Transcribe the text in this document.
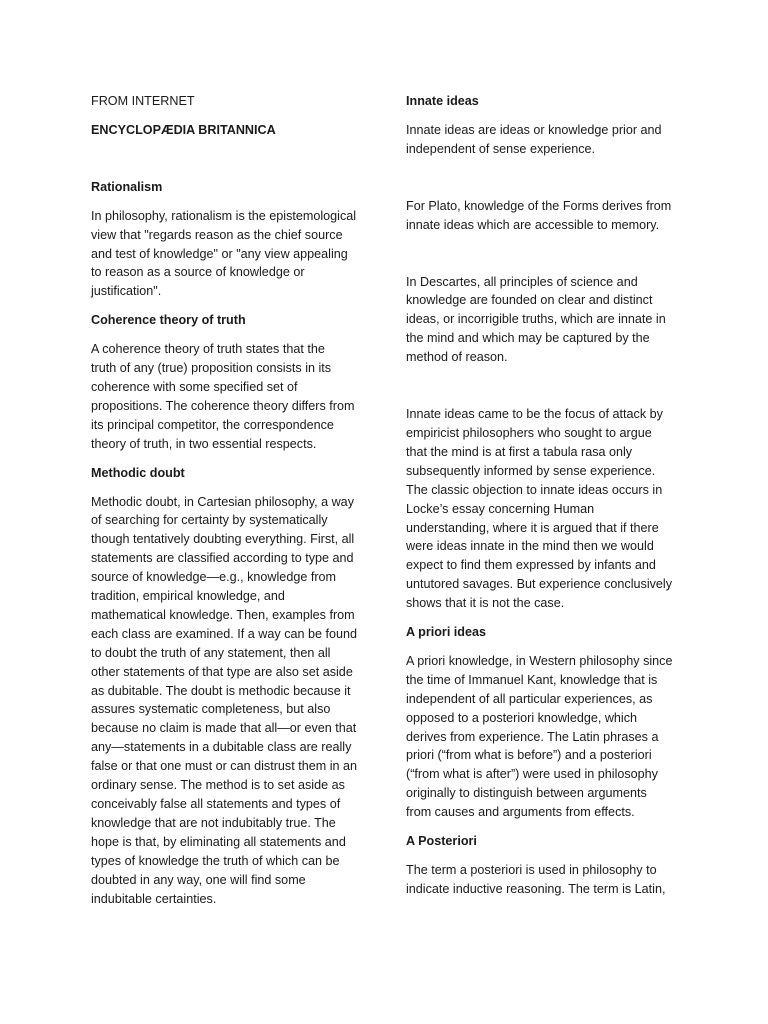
FROM INTERNET
ENCYCLOPÆDIA BRITANNICA
Rationalism
In philosophy, rationalism is the epistemological
view that "regards reason as the chief source
and test of knowledge" or "any view appealing
to reason as a source of knowledge or
justification".
Coherence theory of truth
A coherence theory of truth states that the
truth of any (true) proposition consists in its
coherence with some specified set of
propositions. The coherence theory differs from
its principal competitor, the correspondence
theory of truth, in two essential respects.
Methodic doubt
Methodic doubt, in Cartesian philosophy, a way
of searching for certainty by systematically
though tentatively doubting everything. First, all
statements are classified according to type and
source of knowledge—e.g., knowledge from
tradition, empirical knowledge, and
mathematical knowledge. Then, examples from
each class are examined. If a way can be found
to doubt the truth of any statement, then all
other statements of that type are also set aside
as dubitable. The doubt is methodic because it
assures systematic completeness, but also
because no claim is made that all—or even that
any—statements in a dubitable class are really
false or that one must or can distrust them in an
ordinary sense. The method is to set aside as
conceivably false all statements and types of
knowledge that are not indubitably true. The
hope is that, by eliminating all statements and
types of knowledge the truth of which can be
doubted in any way, one will find some
indubitable certainties.
Innate ideas
Innate ideas are ideas or knowledge prior and
independent of sense experience.
For Plato, knowledge of the Forms derives from
innate ideas which are accessible to memory.
In Descartes, all principles of science and
knowledge are founded on clear and distinct
ideas, or incorrigible truths, which are innate in
the mind and which may be captured by the
method of reason.
Innate ideas came to be the focus of attack by
empiricist philosophers who sought to argue
that the mind is at first a tabula rasa only
subsequently informed by sense experience.
The classic objection to innate ideas occurs in
Locke’s essay concerning Human
understanding, where it is argued that if there
were ideas innate in the mind then we would
expect to find them expressed by infants and
untutored savages. But experience conclusively
shows that it is not the case.
A priori ideas
A priori knowledge, in Western philosophy since
the time of Immanuel Kant, knowledge that is
independent of all particular experiences, as
opposed to a posteriori knowledge, which
derives from experience. The Latin phrases a
priori (“from what is before”) and a posteriori
(“from what is after”) were used in philosophy
originally to distinguish between arguments
from causes and arguments from effects.
A Posteriori
The term a posteriori is used in philosophy to
indicate inductive reasoning. The term is Latin,
